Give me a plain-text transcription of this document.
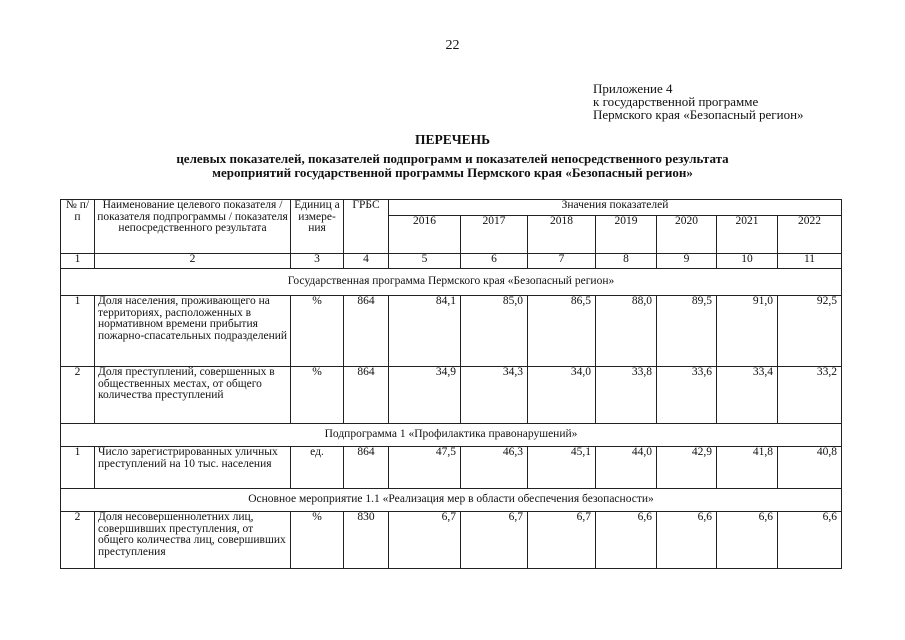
22
Приложение 4
к государственной программе
Пермского края «Безопасный регион»
ПЕРЕЧЕНЬ
целевых показателей, показателей подпрограмм и показателей непосредственного результата
мероприятий государственной программы Пермского края «Безопасный регион»
№ п/п	Наименование целевого показателя / показателя подпрограммы / показателя непосредственного результата	Единиц а измере- ния	ГРБС	Значения показателей						
				2016	2017	2018	2019	2020	2021	2022
1	2	3	4	5	6	7	8	9	10	11
Государственная программа Пермского края «Безопасный регион»										
1	Доля населения, проживающего на территориях, расположенных в нормативном времени прибытия пожарно-спасательных подразделений	%	864	84,1	85,0	86,5	88,0	89,5	91,0	92,5
2	Доля преступлений, совершенных в общественных местах, от общего количества преступлений	%	864	34,9	34,3	34,0	33,8	33,6	33,4	33,2
Подпрограмма 1 «Профилактика правонарушений»										
1	Число зарегистрированных уличных преступлений на 10 тыс. населения	ед.	864	47,5	46,3	45,1	44,0	42,9	41,8	40,8
Основное мероприятие 1.1 «Реализация мер в области обеспечения безопасности»										
2	Доля несовершеннолетних лиц, совершивших преступления, от общего количества лиц, совершивших преступления	%	830	6,7	6,7	6,7	6,6	6,6	6,6	6,6
